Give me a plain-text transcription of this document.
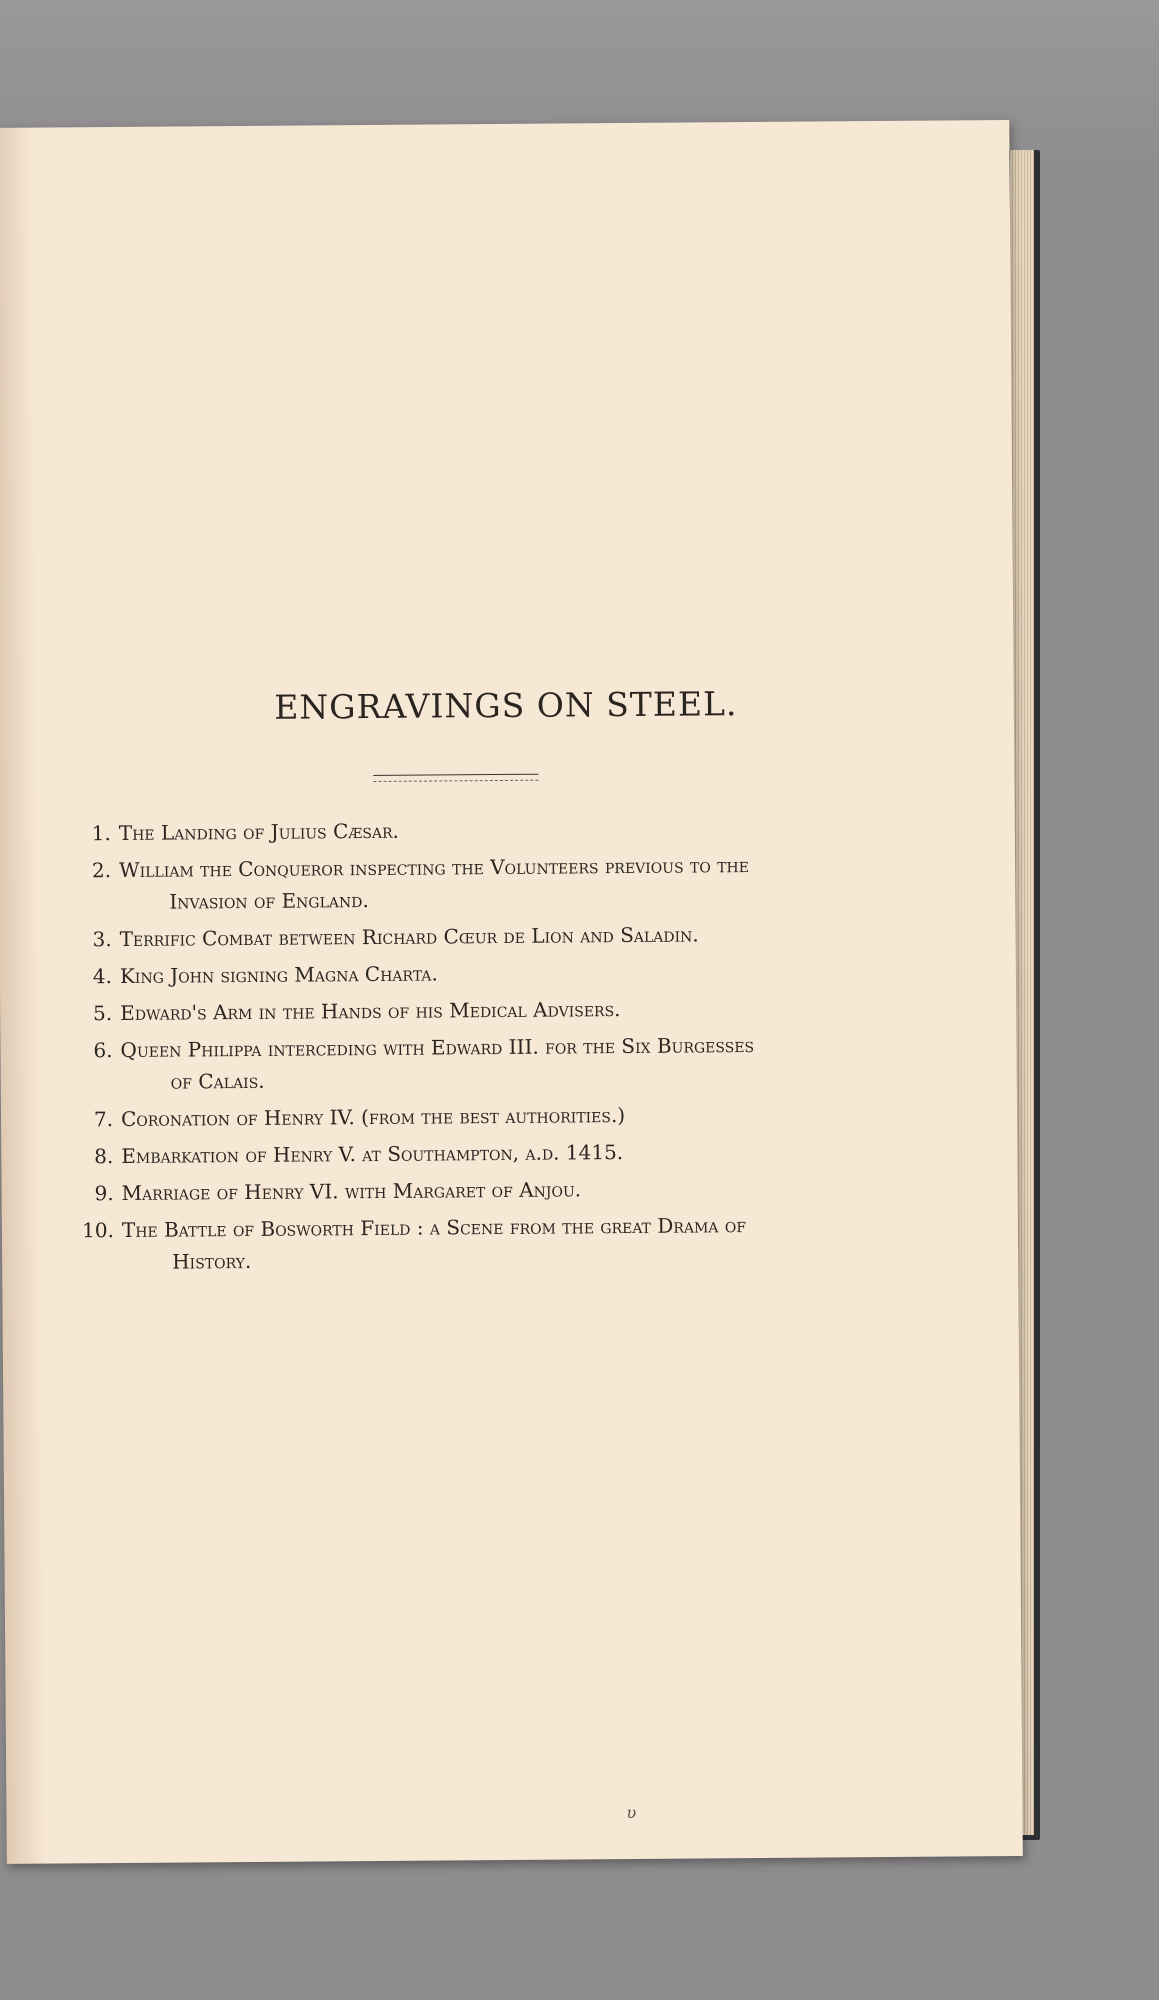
ENGRAVINGS ON STEEL.
1. The Landing of Julius Cæsar.
2. William the Conqueror inspecting the Volunteers previous to the
Invasion of England.
3. Terrific Combat between Richard Cœur de Lion and Saladin.
4. King John signing Magna Charta.
5. Edward's Arm in the Hands of his Medical Advisers.
6. Queen Philippa interceding with Edward III. for the Six Burgesses
of Calais.
7. Coronation of Henry IV. (from the best authorities.)
8. Embarkation of Henry V. at Southampton, a.d. 1415.
9. Marriage of Henry VI. with Margaret of Anjou.
10. The Battle of Bosworth Field : a Scene from the great Drama of
History.
υ
